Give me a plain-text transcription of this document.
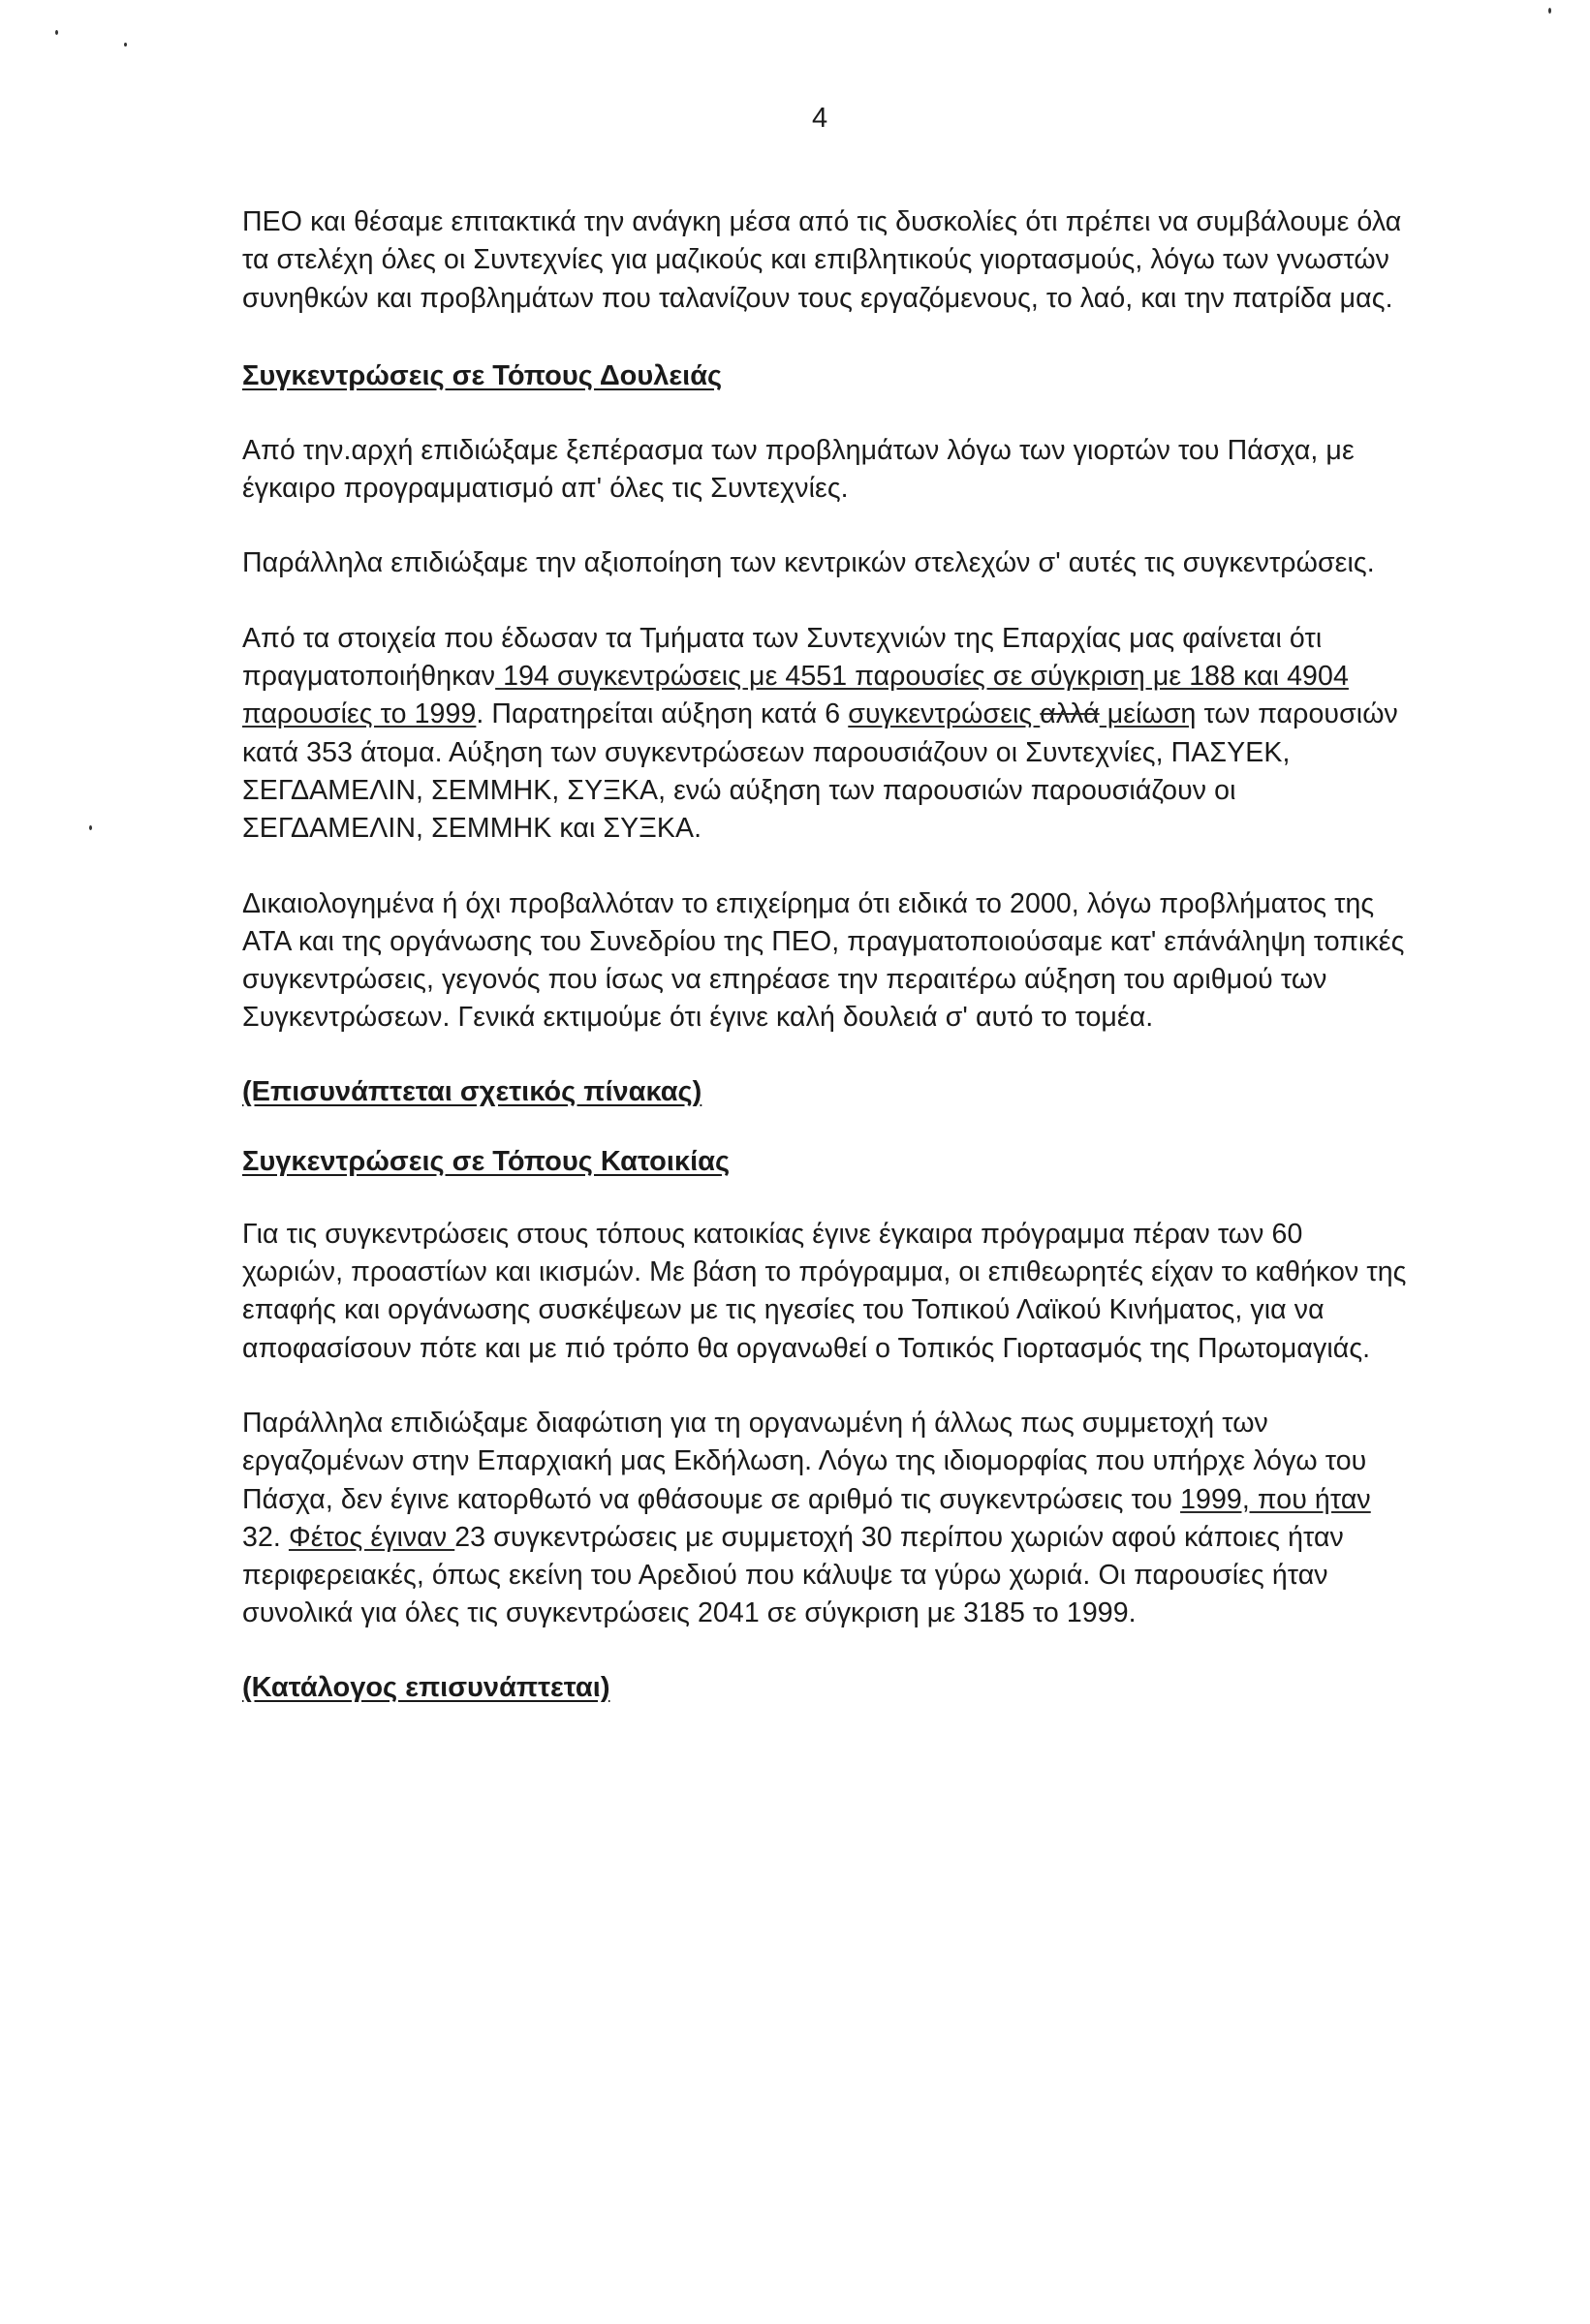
4

ΠΕΟ και θέσαμε επιτακτικά την ανάγκη μέσα από τις δυσκολίες ότι πρέπει να συμβάλουμε όλα τα στελέχη όλες οι Συντεχνίες για μαζικούς και επιβλητικούς γιορτασμούς, λόγω των γνωστών συνηθκών και προβλημάτων που ταλανίζουν τους εργαζόμενους, το λαό, και την πατρίδα μας.

Συγκεντρώσεις σε Τόπους Δουλειάς

Από την.αρχή επιδιώξαμε ξεπέρασμα των προβλημάτων λόγω των γιορτών του Πάσχα, με έγκαιρο προγραμματισμό απ' όλες τις Συντεχνίες.

Παράλληλα επιδιώξαμε την αξιοποίηση των κεντρικών στελεχών σ' αυτές τις συγκεντρώσεις.

Από τα στοιχεία που έδωσαν τα Τμήματα των Συντεχνιών της Επαρχίας μας φαίνεται ότι πραγματοποιήθηκαν 194 συγκεντρώσεις με 4551 παρουσίες σε σύγκριση με 188 και 4904 παρουσίες το 1999. Παρατηρείται αύξηση κατά 6 συγκεντρώσεις αλλά μείωση των παρουσιών κατά 353 άτομα. Αύξηση των συγκεντρώσεων παρουσιάζουν οι Συντεχνίες, ΠΑΣΥΕΚ, ΣΕΓΔΑΜΕΛΙΝ, ΣΕΜΜΗΚ, ΣΥΞΚΑ, ενώ αύξηση των παρουσιών παρουσιάζουν οι ΣΕΓΔΑΜΕΛΙΝ, ΣΕΜΜΗΚ και ΣΥΞΚΑ.

Δικαιολογημένα ή όχι προβαλλόταν το επιχείρημα ότι ειδικά το 2000, λόγω προβλήματος της ΑΤΑ και της οργάνωσης του Συνεδρίου της ΠΕΟ, πραγματοποιούσαμε κατ' επάνάληψη τοπικές συγκεντρώσεις, γεγονός που ίσως να επηρέασε την περαιτέρω αύξηση του αριθμού των Συγκεντρώσεων. Γενικά εκτιμούμε ότι έγινε καλή δουλειά σ' αυτό το τομέα.

(Επισυνάπτεται σχετικός πίνακας)
Συγκεντρώσεις σε Τόπους Κατοικίας

Για τις συγκεντρώσεις στους τόπους κατοικίας έγινε έγκαιρα πρόγραμμα πέραν των 60 χωριών, προαστίων και ικισμών. Με βάση το πρόγραμμα, οι επιθεωρητές είχαν το καθήκον της επαφής και οργάνωσης συσκέψεων με τις ηγεσίες του Τοπικού Λαϊκού Κινήματος, για να αποφασίσουν πότε και με πιό τρόπο θα οργανωθεί ο Τοπικός Γιορτασμός της Πρωτομαγιάς.

Παράλληλα επιδιώξαμε διαφώτιση για τη οργανωμένη ή άλλως πως συμμετοχή των εργαζομένων στην Επαρχιακή μας Εκδήλωση. Λόγω της ιδιομορφίας που υπήρχε λόγω του Πάσχα, δεν έγινε κατορθωτό να φθάσουμε σε αριθμό τις συγκεντρώσεις του 1999, που ήταν 32. Φέτος έγιναν 23 συγκεντρώσεις με συμμετοχή 30 περίπου χωριών αφού κάποιες ήταν περιφερειακές, όπως εκείνη του Αρεδιού που κάλυψε τα γύρω χωριά. Οι παρουσίες ήταν συνολικά για όλες τις συγκεντρώσεις 2041 σε σύγκριση με 3185 το 1999.

(Κατάλογος επισυνάπτεται)
